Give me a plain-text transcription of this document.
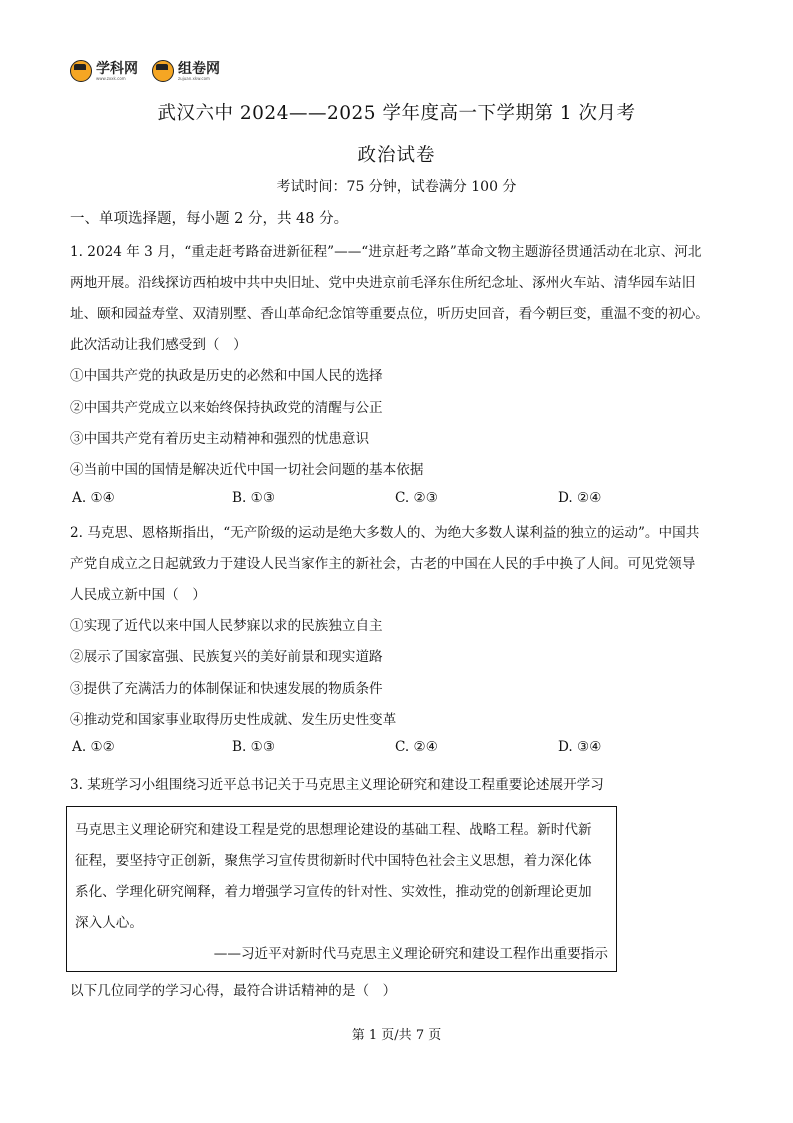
学科网
www.zxxk.com
组卷网
zujuan.xkw.com
武汉六中 2024——2025 学年度高一下学期第 1 次月考
政治试卷
考试时间：75 分钟，试卷满分 100 分
一、单项选择题，每小题 2 分，共 48 分。
1. 2024 年 3 月，“重走赶考路奋进新征程”——“进京赶考之路”革命文物主题游径贯通活动在北京、河北
两地开展。沿线探访西柏坡中共中央旧址、党中央进京前毛泽东住所纪念址、涿州火车站、清华园车站旧
址、颐和园益寿堂、双清别墅、香山革命纪念馆等重要点位，听历史回音，看今朝巨变，重温不变的初心。
此次活动让我们感受到（　）
①中国共产党的执政是历史的必然和中国人民的选择
②中国共产党成立以来始终保持执政党的清醒与公正
③中国共产党有着历史主动精神和强烈的忧患意识
④当前中国的国情是解决近代中国一切社会问题的基本依据
A. ①④	B. ①③	C. ②③	D. ②④
2. 马克思、恩格斯指出，“无产阶级的运动是绝大多数人的、为绝大多数人谋利益的独立的运动”。中国共
产党自成立之日起就致力于建设人民当家作主的新社会，古老的中国在人民的手中换了人间。可见党领导
人民成立新中国（　）
①实现了近代以来中国人民梦寐以求的民族独立自主
②展示了国家富强、民族复兴的美好前景和现实道路
③提供了充满活力的体制保证和快速发展的物质条件
④推动党和国家事业取得历史性成就、发生历史性变革
A. ①②	B. ①③	C. ②④	D. ③④
3. 某班学习小组围绕习近平总书记关于马克思主义理论研究和建设工程重要论述展开学习
马克思主义理论研究和建设工程是党的思想理论建设的基础工程、战略工程。新时代新
征程，要坚持守正创新，聚焦学习宣传贯彻新时代中国特色社会主义思想，着力深化体
系化、学理化研究阐释，着力增强学习宣传的针对性、实效性，推动党的创新理论更加
深入人心。
——习近平对新时代马克思主义理论研究和建设工程作出重要指示
以下几位同学的学习心得，最符合讲话精神的是（　）
第 1 页/共 7 页
